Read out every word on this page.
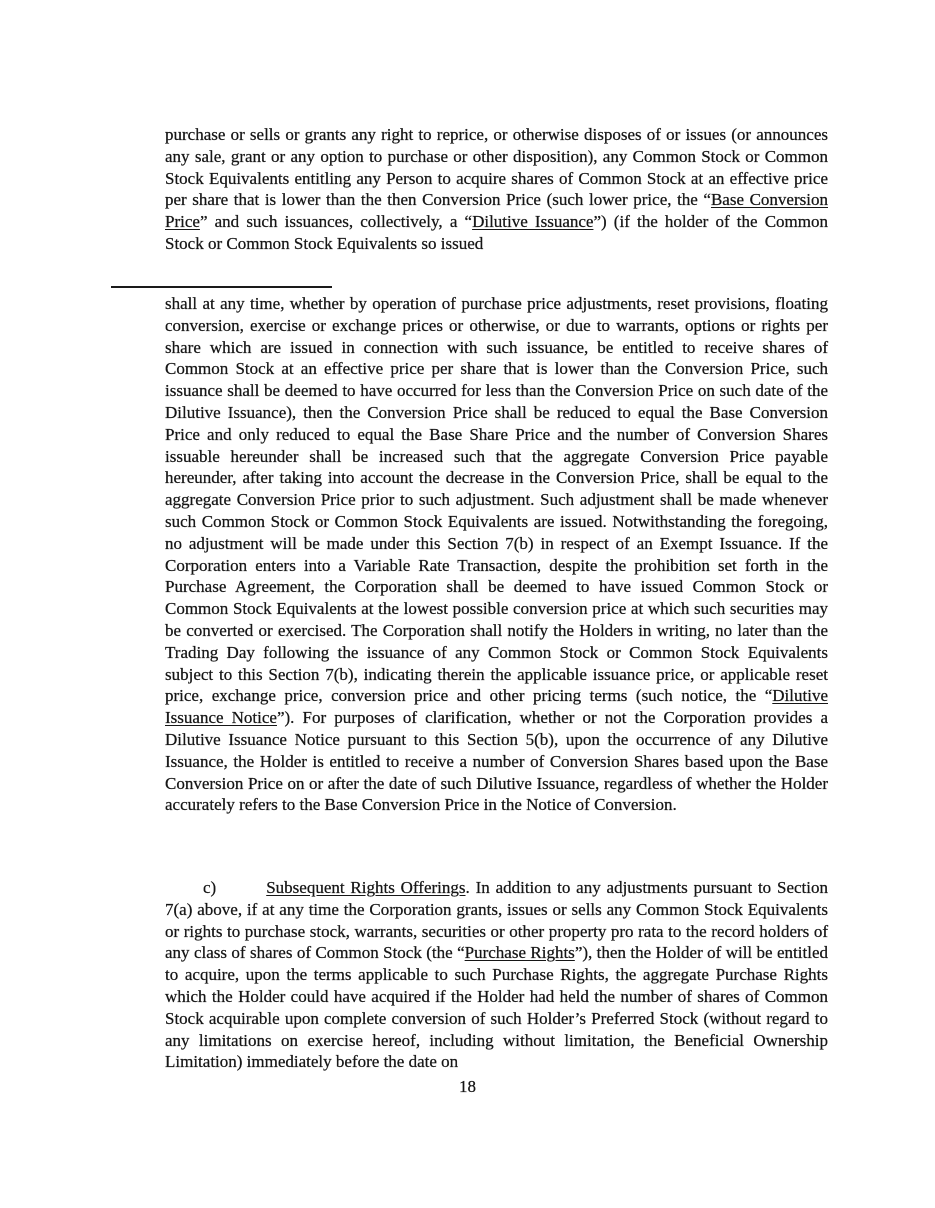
purchase or sells or grants any right to reprice, or otherwise disposes of or issues (or announces any sale, grant or any option to purchase or other disposition), any Common Stock or Common Stock Equivalents entitling any Person to acquire shares of Common Stock at an effective price per share that is lower than the then Conversion Price (such lower price, the “Base Conversion Price” and such issuances, collectively, a “Dilutive Issuance”) (if the holder of the Common Stock or Common Stock Equivalents so issued

shall at any time, whether by operation of purchase price adjustments, reset provisions, floating conversion, exercise or exchange prices or otherwise, or due to warrants, options or rights per share which are issued in connection with such issuance, be entitled to receive shares of Common Stock at an effective price per share that is lower than the Conversion Price, such issuance shall be deemed to have occurred for less than the Conversion Price on such date of the Dilutive Issuance), then the Conversion Price shall be reduced to equal the Base Conversion Price and only reduced to equal the Base Share Price and the number of Conversion Shares issuable hereunder shall be increased such that the aggregate Conversion Price payable hereunder, after taking into account the decrease in the Conversion Price, shall be equal to the aggregate Conversion Price prior to such adjustment. Such adjustment shall be made whenever such Common Stock or Common Stock Equivalents are issued. Notwithstanding the foregoing, no adjustment will be made under this Section 7(b) in respect of an Exempt Issuance. If the Corporation enters into a Variable Rate Transaction, despite the prohibition set forth in the Purchase Agreement, the Corporation shall be deemed to have issued Common Stock or Common Stock Equivalents at the lowest possible conversion price at which such securities may be converted or exercised. The Corporation shall notify the Holders in writing, no later than the Trading Day following the issuance of any Common Stock or Common Stock Equivalents subject to this Section 7(b), indicating therein the applicable issuance price, or applicable reset price, exchange price, conversion price and other pricing terms (such notice, the “Dilutive Issuance Notice”). For purposes of clarification, whether or not the Corporation provides a Dilutive Issuance Notice pursuant to this Section 5(b), upon the occurrence of any Dilutive Issuance, the Holder is entitled to receive a number of Conversion Shares based upon the Base Conversion Price on or after the date of such Dilutive Issuance, regardless of whether the Holder accurately refers to the Base Conversion Price in the Notice of Conversion.

c)	Subsequent Rights Offerings. In addition to any adjustments pursuant to Section 7(a) above, if at any time the Corporation grants, issues or sells any Common Stock Equivalents or rights to purchase stock, warrants, securities or other property pro rata to the record holders of any class of shares of Common Stock (the “Purchase Rights”), then the Holder of will be entitled to acquire, upon the terms applicable to such Purchase Rights, the aggregate Purchase Rights which the Holder could have acquired if the Holder had held the number of shares of Common Stock acquirable upon complete conversion of such Holder’s Preferred Stock (without regard to any limitations on exercise hereof, including without limitation, the Beneficial Ownership Limitation) immediately before the date on

18
